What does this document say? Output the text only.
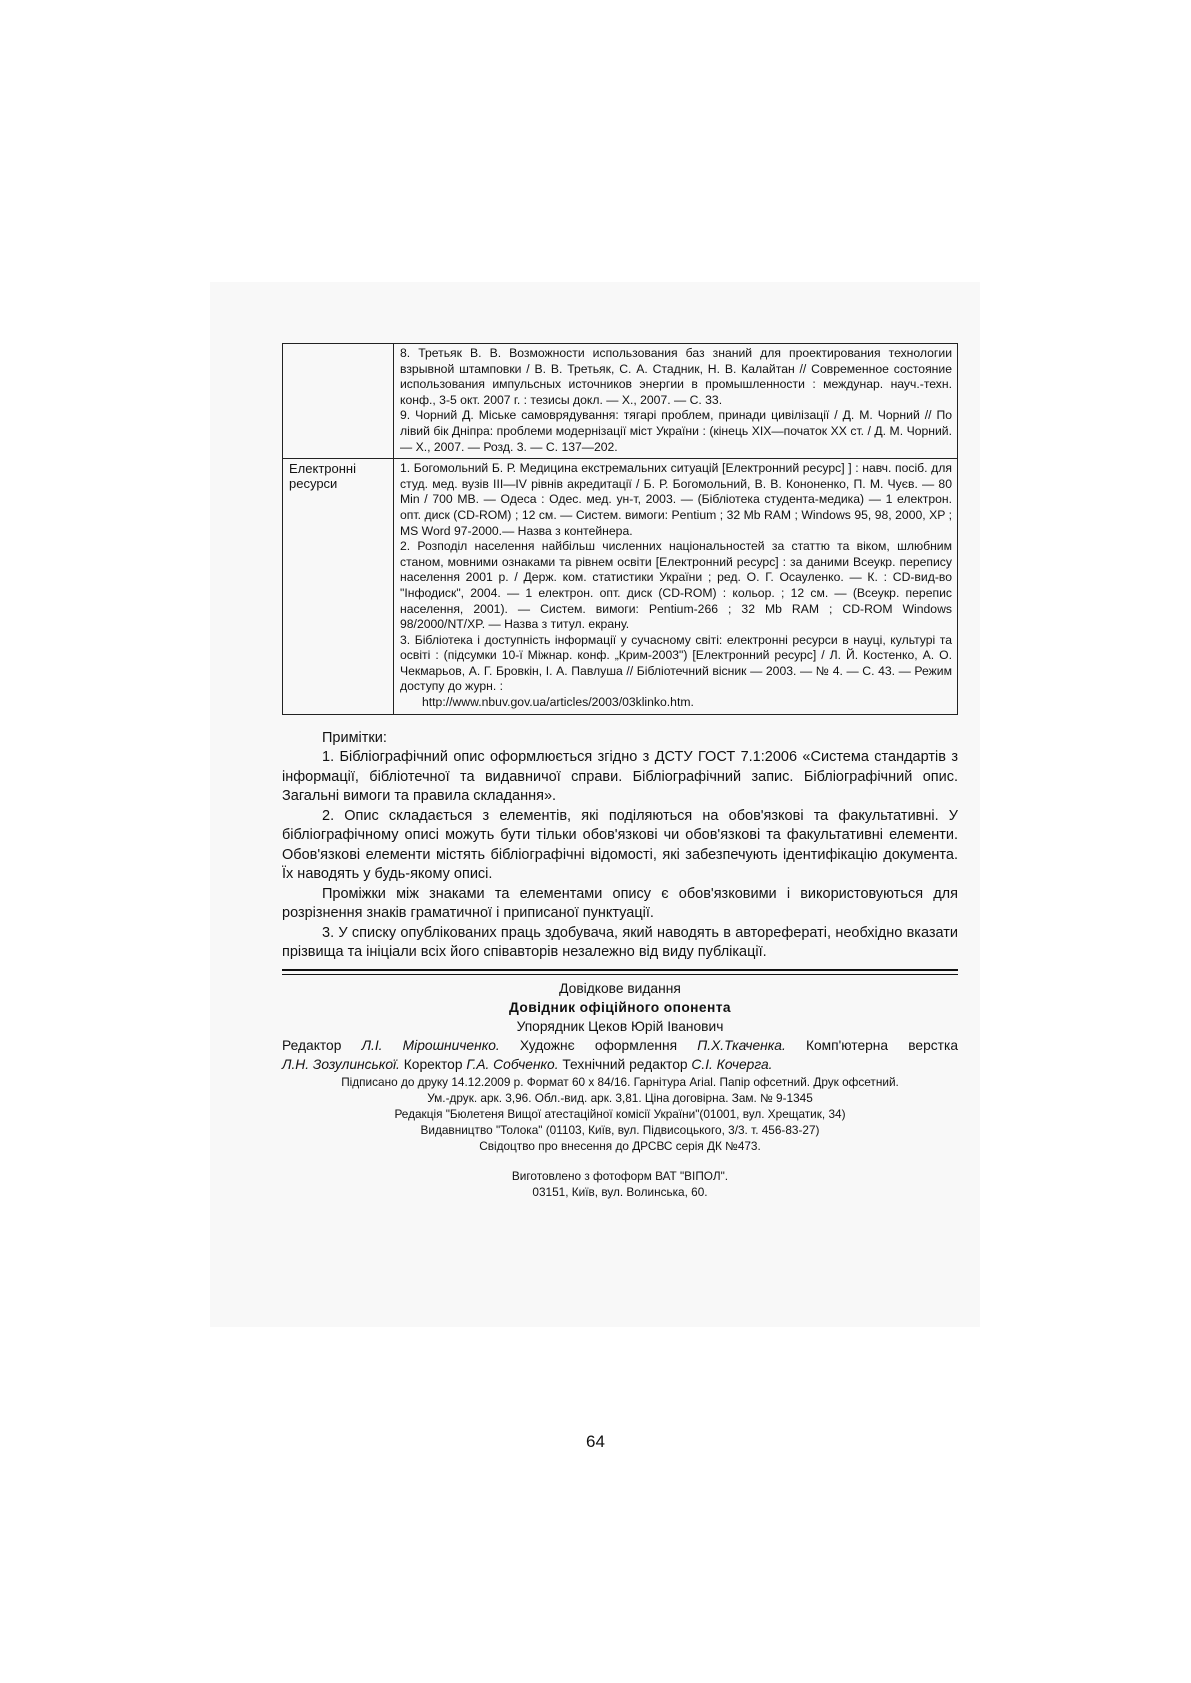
	8. Третьяк В. В. Возможности использования баз знаний для проектирования технологии взрывной штамповки / В. В. Третьяк, С. А. Стадник, Н. В. Калайтан // Современное состояние использования импульсных источников энергии в промышленности : междунар. науч.-техн. конф., 3-5 окт. 2007 г. : тезисы докл. — Х., 2007. — С. 33.
9. Чорний Д. Міське самоврядування: тягарі проблем, принади цивілізації / Д. М. Чорний // По лівий бік Дніпра: проблеми модернізації міст України : (кінець XIX—початок XX ст. / Д. М. Чорний. — Х., 2007. — Розд. 3. — С. 137—202.

Електронні ресурси	1. Богомольний Б. Р. Медицина екстремальних ситуацій [Електронний ресурс] ] : навч. посіб. для студ. мед. вузів III—IV рівнів акредитації / Б. Р. Богомольний, В. В. Кононенко, П. М. Чуєв. — 80 Min / 700 MB. — Одеса : Одес. мед. ун-т, 2003. — (Бібліотека студента-медика) — 1 електрон. опт. диск (CD-ROM) ; 12 см. — Систем. вимоги: Pentium ; 32 Mb RAM ; Windows 95, 98, 2000, XP ; MS Word 97-2000.— Назва з контейнера.
2. Розподіл населення найбільш численних національностей за статтю та віком, шлюбним станом, мовними ознаками та рівнем освіти [Електронний ресурс] : за даними Всеукр. перепису населення 2001 р. / Держ. ком. статистики України ; ред. О. Г. Осауленко. — К. : CD-вид-во "Інфодиск", 2004. — 1 електрон. опт. диск (CD-ROM) : кольор. ; 12 см. — (Всеукр. перепис населення, 2001). — Систем. вимоги: Pentium-266 ; 32 Mb RAM ; CD-ROM Windows 98/2000/NT/XP. — Назва з титул. екрану.
3. Бібліотека і доступність інформації у сучасному світі: електронні ресурси в науці, культурі та освіті : (підсумки 10-ї Міжнар. конф. „Крим-2003") [Електронний ресурс] / Л. Й. Костенко, А. О. Чекмарьов, А. Г. Бровкін, І. А. Павлуша // Бібліотечний вісник — 2003. — № 4. — С. 43. — Режим доступу до журн. :
http://www.nbuv.gov.ua/articles/2003/03klinko.htm.

Примітки:

1. Бібліографічний опис оформлюється згідно з ДСТУ ГОСТ 7.1:2006 «Система стандартів з інформації, бібліотечної та видавничої справи. Бібліографічний запис. Бібліографічний опис. Загальні вимоги та правила складання».

2. Опис складається з елементів, які поділяються на обов'язкові та факультативні. У бібліографічному описі можуть бути тільки обов'язкові чи обов'язкові та факультативні елементи. Обов'язкові елементи містять бібліографічні відомості, які забезпечують ідентифікацію документа. Їх наводять у будь-якому описі.

Проміжки між знаками та елементами опису є обов'язковими і використовуються для розрізнення знаків граматичної і приписаної пунктуації.

3. У списку опублікованих праць здобувача, який наводять в авторефераті, необхідно вказати прізвища та ініціали всіх його співавторів незалежно від виду публікації.

Довідкове видання
Довідник офіційного опонента
Упорядник Цеков Юрій Іванович
Редактор Л.І. Мірошниченко. Художнє оформлення П.Х.Ткаченка. Комп'ютерна верстка
Л.Н. Зозулинської. Коректор Г.А. Собченко. Технічний редактор С.І. Кочерга.
Підписано до друку 14.12.2009 р. Формат 60 x 84/16. Гарнітура Arial. Папір офсетний. Друк офсетний.
Ум.-друк. арк. 3,96. Обл.-вид. арк. 3,81. Ціна договірна. Зам. № 9-1345
Редакція "Бюлетеня Вищої атестаційної комісії України"(01001, вул. Хрещатик, 34)
Видавництво "Толока" (01103, Київ, вул. Підвисоцького, 3/3. т. 456-83-27)
Свідоцтво про внесення до ДРСВС серія ДК №473.
Виготовлено з фотоформ ВАТ "ВІПОЛ".
03151, Київ, вул. Волинська, 60.
64
